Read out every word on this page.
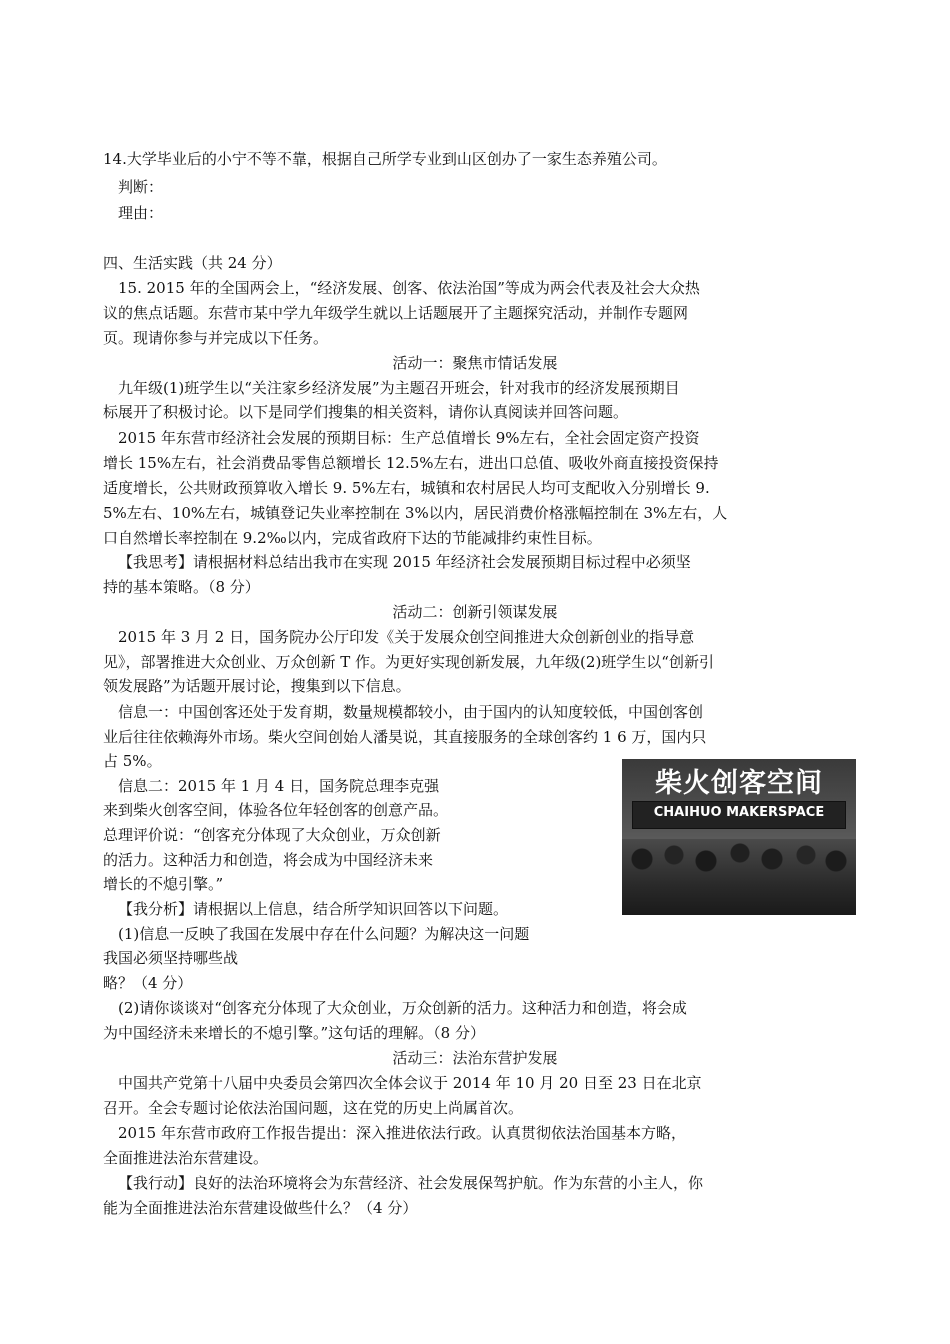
14.大学毕业后的小宁不等不靠，根据自己所学专业到山区创办了一家生态养殖公司。
判断：
理由：
四、生活实践（共 24 分）
15. 2015 年的全国两会上，“经济发展、创客、依法治国”等成为两会代表及社会大众热
议的焦点话题。东营市某中学九年级学生就以上话题展开了主题探究活动，并制作专题网
页。现请你参与并完成以下任务。
活动一：聚焦市情话发展
九年级(1)班学生以“关注家乡经济发展”为主题召开班会，针对我市的经济发展预期目
标展开了积极讨论。以下是同学们搜集的相关资料，请你认真阅读并回答问题。
2015 年东营市经济社会发展的预期目标：生产总值增长 9%左右，全社会固定资产投资
增长 15%左右，社会消费品零售总额增长 12.5%左右，进出口总值、吸收外商直接投资保持
适度增长，公共财政预算收入增长 9. 5%左右，城镇和农村居民人均可支配收入分别增长 9.
5%左右、10%左右，城镇登记失业率控制在 3%以内，居民消费价格涨幅控制在 3%左右，人
口自然增长率控制在 9.2‰以内，完成省政府下达的节能减排约束性目标。
【我思考】请根据材料总结出我市在实现 2015 年经济社会发展预期目标过程中必须坚
持的基本策略。（8 分）
活动二：创新引领谋发展
2015 年 3 月 2 日，国务院办公厅印发《关于发展众创空间推进大众创新创业的指导意
见》，部署推进大众创业、万众创新 T 作。为更好实现创新发展，九年级(2)班学生以“创新引
领发展路”为话题开展讨论，搜集到以下信息。
信息一：中国创客还处于发育期，数量规模都较小，由于国内的认知度较低，中国创客创
业后往往依赖海外市场。柴火空间创始人潘昊说，其直接服务的全球创客约 1 6 万，国内只
占 5%。
信息二：2015 年 1 月 4 日，国务院总理李克强
来到柴火创客空间，体验各位年轻创客的创意产品。
总理评价说：“创客充分体现了大众创业，万众创新
的活力。这种活力和创造，将会成为中国经济未来
增长的不熄引擎。”
柴火创客空间
CHAIHUO MAKERSPACE
【我分析】请根据以上信息，结合所学知识回答以下问题。
(1)信息一反映了我国在发展中存在什么问题？为解决这一问题
我国必须坚持哪些战
略？（4 分）
(2)请你谈谈对“创客充分体现了大众创业，万众创新的活力。这种活力和创造，将会成
为中国经济未来增长的不熄引擎。”这句话的理解。（8 分）
活动三：法治东营护发展
中国共产党第十八届中央委员会第四次全体会议于 2014 年 10 月 20 日至 23 日在北京
召开。全会专题讨论依法治国问题，这在党的历史上尚属首次。
2015 年东营市政府工作报告提出：深入推进依法行政。认真贯彻依法治国基本方略，
全面推进法治东营建设。
【我行动】良好的法治环境将会为东营经济、社会发展保驾护航。作为东营的小主人，你
能为全面推进法治东营建设做些什么？（4 分）
